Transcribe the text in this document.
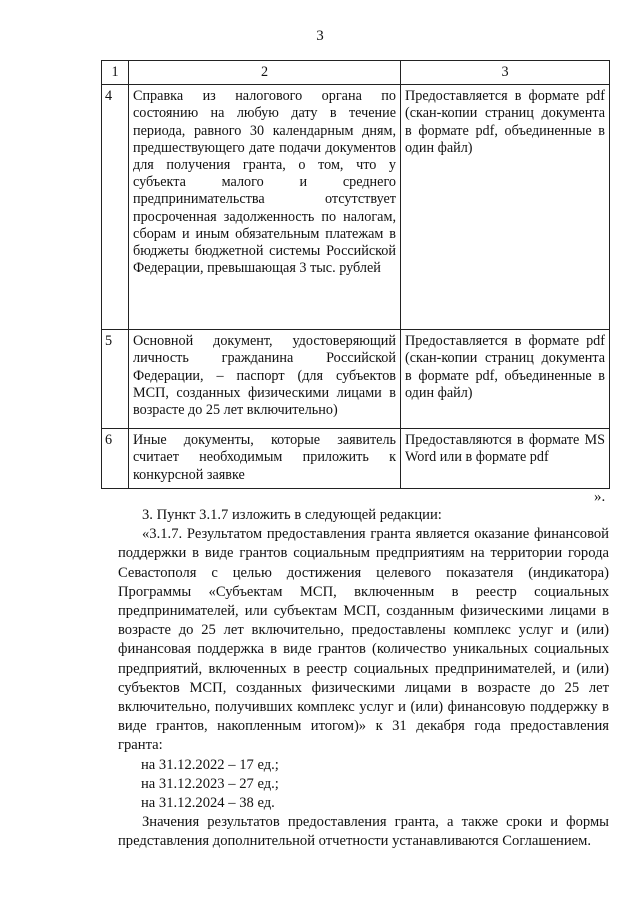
3
1	2	3
4	Справка из налогового органа по состоянию на любую дату в течение периода, равного 30 календарным дням, предшествующего дате подачи документов для получения гранта, о том, что у субъекта малого и среднего предпринимательства отсутствует просроченная задолженность по налогам, сборам и иным обязательным платежам в бюджеты бюджетной системы Российской Федерации, превышающая 3 тыс. рублей	Предоставляется в формате pdf (скан-копии страниц документа в формате pdf, объединенные в один файл)
5	Основной документ, удостоверяющий личность гражданина Российской Федерации, – паспорт (для субъектов МСП, созданных физическими лицами в возрасте до 25 лет включительно)	Предоставляется в формате pdf (скан-копии страниц документа в формате pdf, объединенные в один файл)
6	Иные документы, которые заявитель считает необходимым приложить к конкурсной заявке	Предоставляются в формате MS Word или в формате pdf
».

3. Пункт 3.1.7 изложить в следующей редакции:

«3.1.7. Результатом предоставления гранта является оказание финансовой поддержки в виде грантов социальным предприятиям на территории города Севастополя с целью достижения целевого показателя (индикатора) Программы «Субъектам МСП, включенным в реестр социальных предпринимателей, или субъектам МСП, созданным физическими лицами в возрасте до 25 лет включительно, предоставлены комплекс услуг и (или) финансовая поддержка в виде грантов (количество уникальных социальных предприятий, включенных в реестр социальных предпринимателей, и (или) субъектов МСП, созданных физическими лицами в возрасте до 25 лет включительно, получивших комплекс услуг и (или) финансовую поддержку в виде грантов, накопленным итогом)» к 31 декабря года предоставления гранта:

на 31.12.2022 – 17 ед.;

на 31.12.2023 – 27 ед.;

на 31.12.2024 – 38 ед.

Значения результатов предоставления гранта, а также сроки и формы представления дополнительной отчетности устанавливаются Соглашением.
